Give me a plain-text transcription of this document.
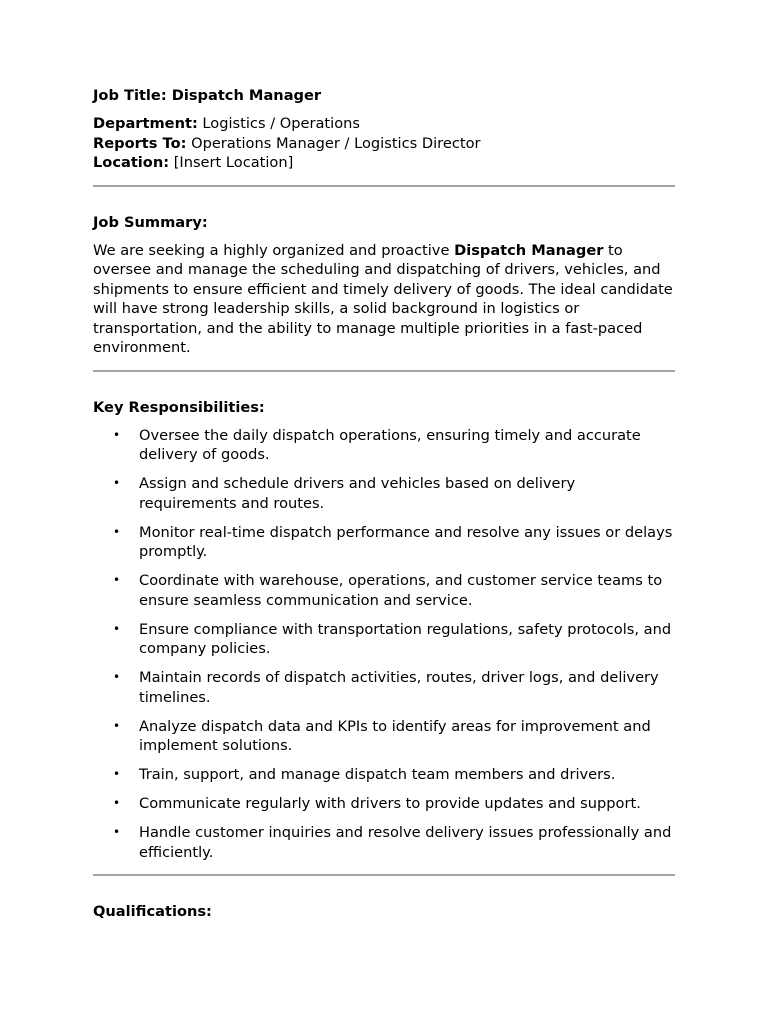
Job Title: Dispatch Manager
Department: Logistics / Operations
Reports To: Operations Manager / Logistics Director
Location: [Insert Location]
Job Summary:

We are seeking a highly organized and proactive Dispatch Manager to oversee and manage the scheduling and dispatching of drivers, vehicles, and shipments to ensure efficient and timely delivery of goods. The ideal candidate will have strong leadership skills, a solid background in logistics or transportation, and the ability to manage multiple priorities in a fast-paced environment.

Key Responsibilities:
• Oversee the daily dispatch operations, ensuring timely and accurate delivery of goods.
• Assign and schedule drivers and vehicles based on delivery requirements and routes.
• Monitor real-time dispatch performance and resolve any issues or delays promptly.
• Coordinate with warehouse, operations, and customer service teams to ensure seamless communication and service.
• Ensure compliance with transportation regulations, safety protocols, and company policies.
• Maintain records of dispatch activities, routes, driver logs, and delivery timelines.
• Analyze dispatch data and KPIs to identify areas for improvement and implement solutions.
• Train, support, and manage dispatch team members and drivers.
• Communicate regularly with drivers to provide updates and support.
• Handle customer inquiries and resolve delivery issues professionally and efficiently.
Qualifications:
